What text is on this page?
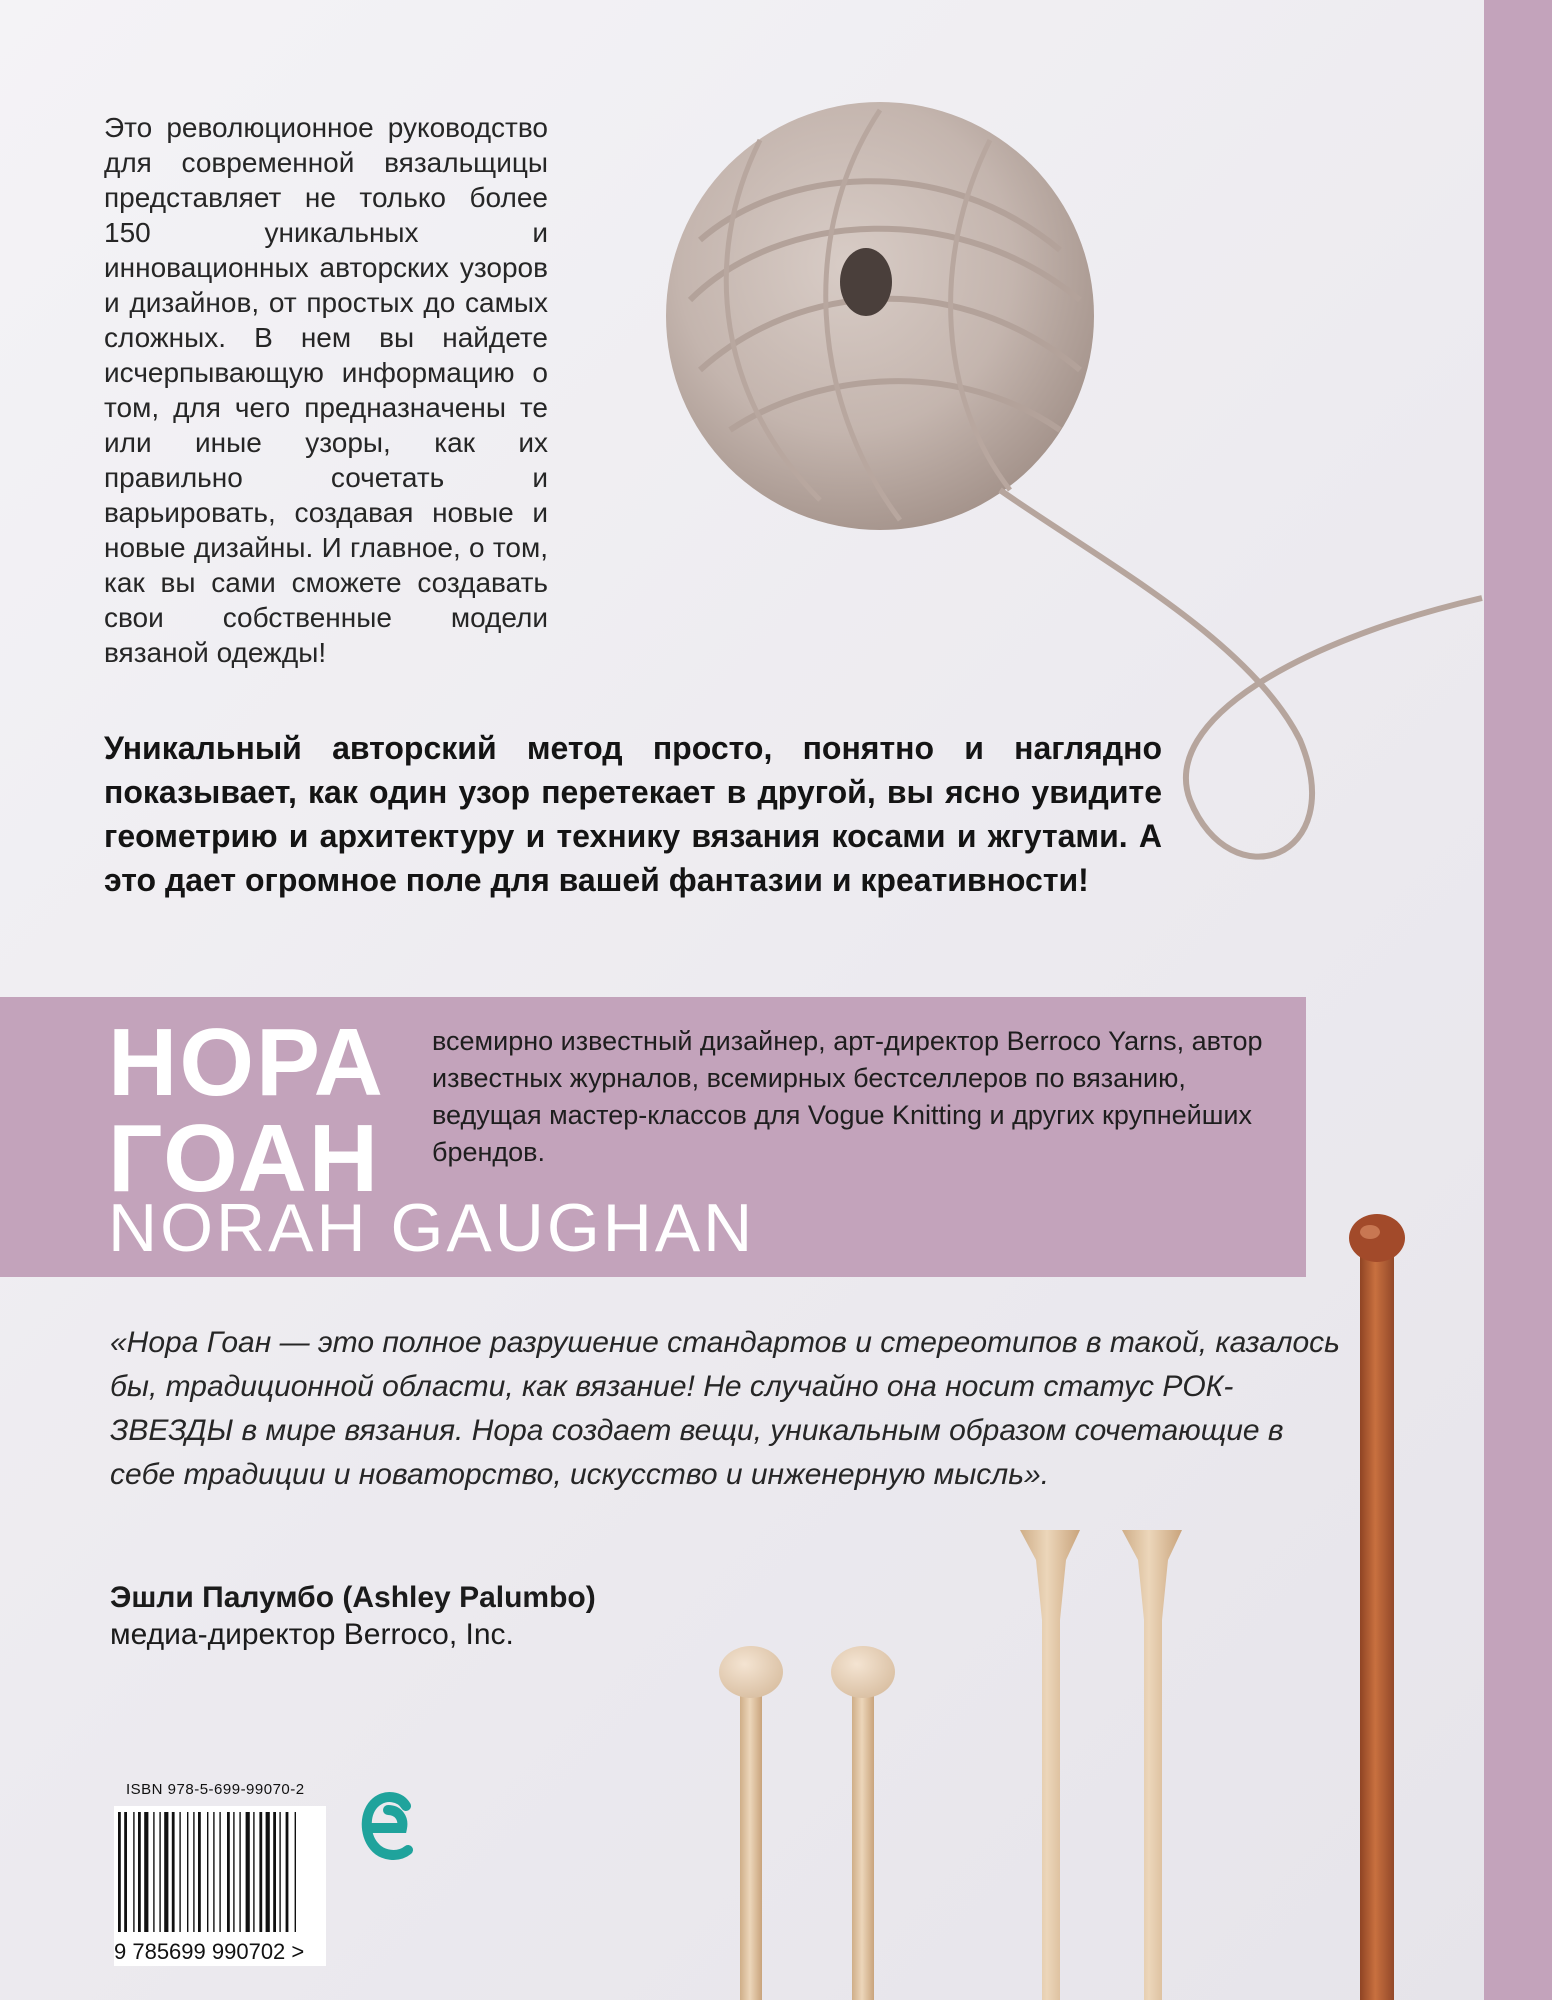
Это революционное руководство для современной вязальщицы представляет не только более 150 уникальных и инновационных авторских узоров и дизайнов, от простых до самых сложных. В нем вы найдете исчерпывающую информацию о том, для чего предназначены те или иные узоры, как их правильно сочетать и варьировать, создавая новые и новые дизайны. И главное, о том, как вы сами сможете создавать свои собственные модели вязаной одежды!

Уникальный авторский метод просто, понятно и наглядно показывает, как один узор перетекает в другой, вы ясно увидите геометрию и архитектуру и технику вязания косами и жгутами. А это дает огромное поле для вашей фантазии и креативности!

НОРА
ГОАН
NORAH GAUGHAN

всемирно известный дизайнер, арт-директор Berroco Yarns, автор известных журналов, всемирных бестселлеров по вязанию, ведущая мастер-классов для Vogue Knitting и других крупнейших брендов.

«Нора Гоан — это полное разрушение стандартов и стереотипов в такой, казалось бы, традиционной области, как вязание! Не случайно она носит статус РОК-ЗВЕЗДЫ в мире вязания. Нора создает вещи, уникальным образом сочетающие в себе традиции и новаторство, искусство и инженерную мысль».

Эшли Палумбо (Ashley Palumbo)
медиа-директор Berroco, Inc.
ISBN 978-5-699-99070-2
9 785699 990702 >
